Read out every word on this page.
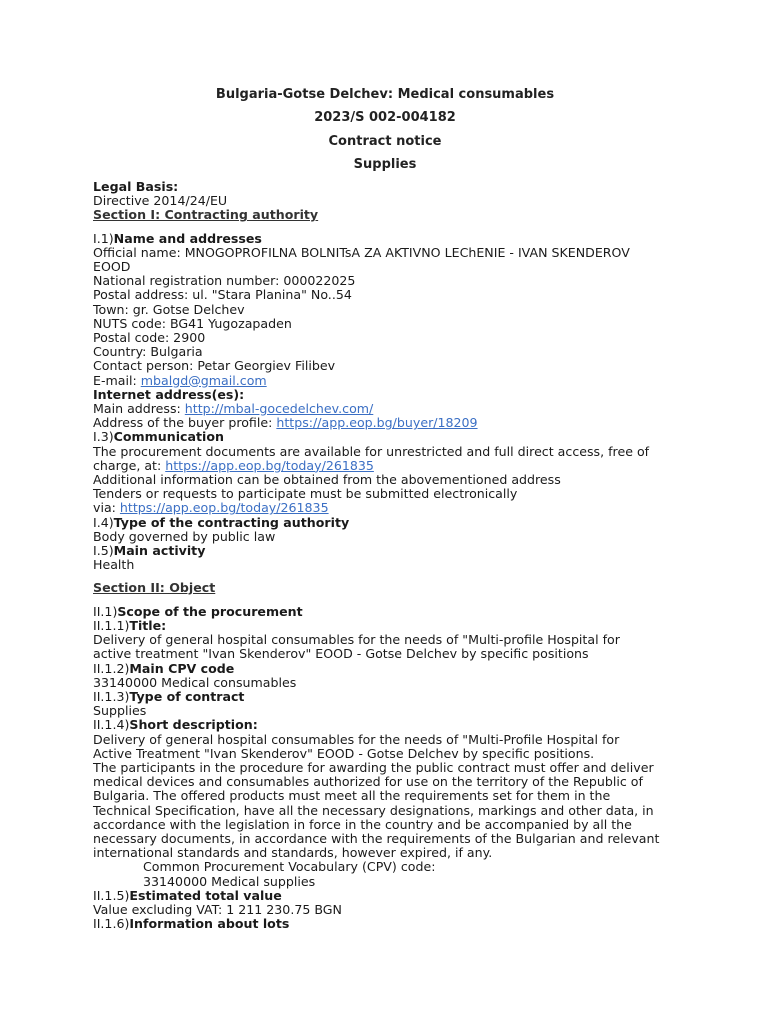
Bulgaria-Gotse Delchev: Medical consumables
2023/S 002-004182
Contract notice
Supplies
Legal Basis:
Directive 2014/24/EU
Section I: Contracting authority
I.1)Name and addresses
Official name: MNOGOPROFILNA BOLNITsA ZA AKTIVNO LEChENIE - IVAN SKENDEROV
EOOD
National registration number: 000022025
Postal address: ul. "Stara Planina" No..54
Town: gr. Gotse Delchev
NUTS code: BG41 Yugozapaden
Postal code: 2900
Country: Bulgaria
Contact person: Petar Georgiev Filibev
E-mail: mbalgd@gmail.com
Internet address(es):
Main address: http://mbal-gocedelchev.com/
Address of the buyer profile: https://app.eop.bg/buyer/18209
I.3)Communication
The procurement documents are available for unrestricted and full direct access, free of
charge, at: https://app.eop.bg/today/261835
Additional information can be obtained from the abovementioned address
Tenders or requests to participate must be submitted electronically
via: https://app.eop.bg/today/261835
I.4)Type of the contracting authority
Body governed by public law
I.5)Main activity
Health
Section II: Object
II.1)Scope of the procurement
II.1.1)Title:
Delivery of general hospital consumables for the needs of "Multi-profile Hospital for
active treatment "Ivan Skenderov" EOOD - Gotse Delchev by specific positions
II.1.2)Main CPV code
33140000 Medical consumables
II.1.3)Type of contract
Supplies
II.1.4)Short description:
Delivery of general hospital consumables for the needs of "Multi-Profile Hospital for
Active Treatment "Ivan Skenderov" EOOD - Gotse Delchev by specific positions.
The participants in the procedure for awarding the public contract must offer and deliver
medical devices and consumables authorized for use on the territory of the Republic of
Bulgaria. The offered products must meet all the requirements set for them in the
Technical Specification, have all the necessary designations, markings and other data, in
accordance with the legislation in force in the country and be accompanied by all the
necessary documents, in accordance with the requirements of the Bulgarian and relevant
international standards and standards, however expired, if any.
Common Procurement Vocabulary (CPV) code:
33140000 Medical supplies
II.1.5)Estimated total value
Value excluding VAT: 1 211 230.75 BGN
II.1.6)Information about lots
